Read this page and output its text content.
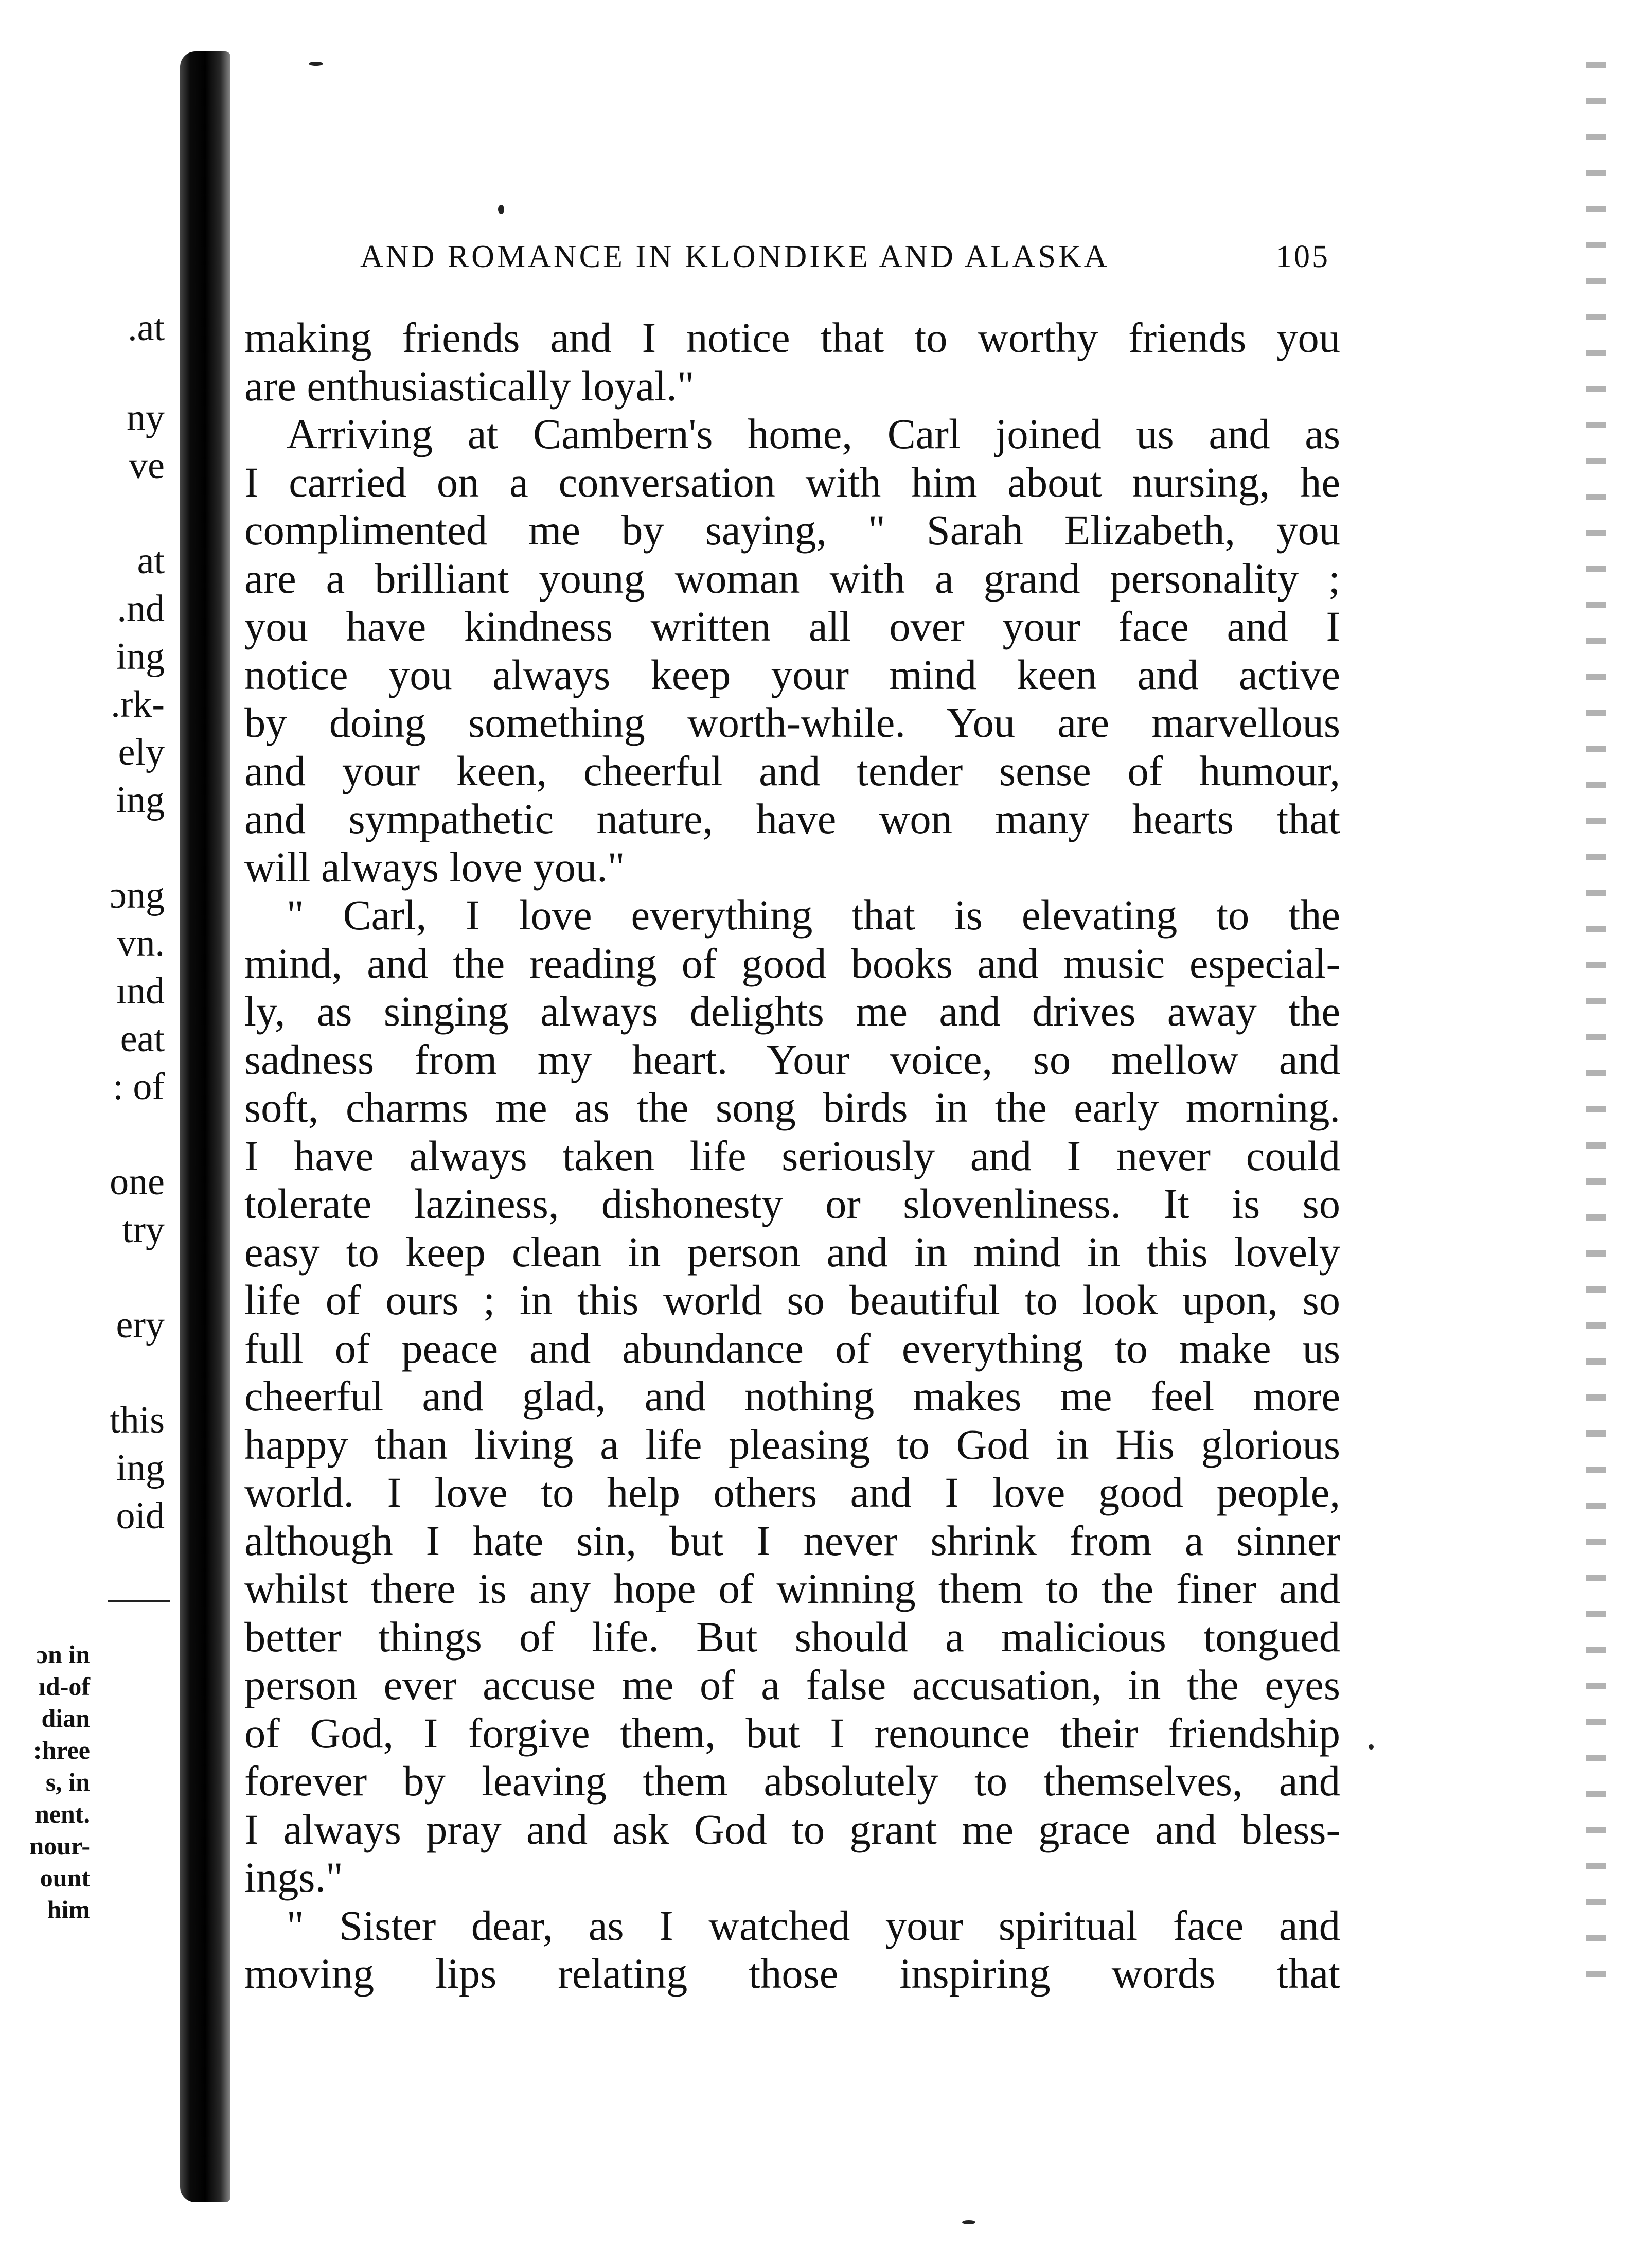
.at
ny
ve
at
.nd
ing
.rk-
ely
ing
ɔng
vn.
ınd
eat
: of
one
try
ery
this
ing
oid
ɔn in
ıd-of
dian
:hree
s, in
nent.
nour-
ount
him
AND ROMANCE IN KLONDIKE AND ALASKA	105
making friends and I notice that to worthy friends you
are enthusiastically loyal."
Arriving at Cambern's home, Carl joined us and as
I carried on a conversation with him about nursing, he
complimented me by saying, " Sarah Elizabeth, you
are a brilliant young woman with a grand personality ;
you have kindness written all over your face and I
notice you always keep your mind keen and active
by doing something worth-while. You are marvellous
and your keen, cheerful and tender sense of humour,
and sympathetic nature, have won many hearts that
will always love you."
" Carl, I love everything that is elevating to the
mind, and the reading of good books and music especial-
ly, as singing always delights me and drives away the
sadness from my heart. Your voice, so mellow and
soft, charms me as the song birds in the early morning.
I have always taken life seriously and I never could
tolerate laziness, dishonesty or slovenliness. It is so
easy to keep clean in person and in mind in this lovely
life of ours ; in this world so beautiful to look upon, so
full of peace and abundance of everything to make us
cheerful and glad, and nothing makes me feel more
happy than living a life pleasing to God in His glorious
world. I love to help others and I love good people,
although I hate sin, but I never shrink from a sinner
whilst there is any hope of winning them to the finer and
better things of life. But should a malicious tongued
person ever accuse me of a false accusation, in the eyes
of God, I forgive them, but I renounce their friendship
forever by leaving them absolutely to themselves, and
I always pray and ask God to grant me grace and bless-
ings."
" Sister dear, as I watched your spiritual face and
moving lips relating those inspiring words that
